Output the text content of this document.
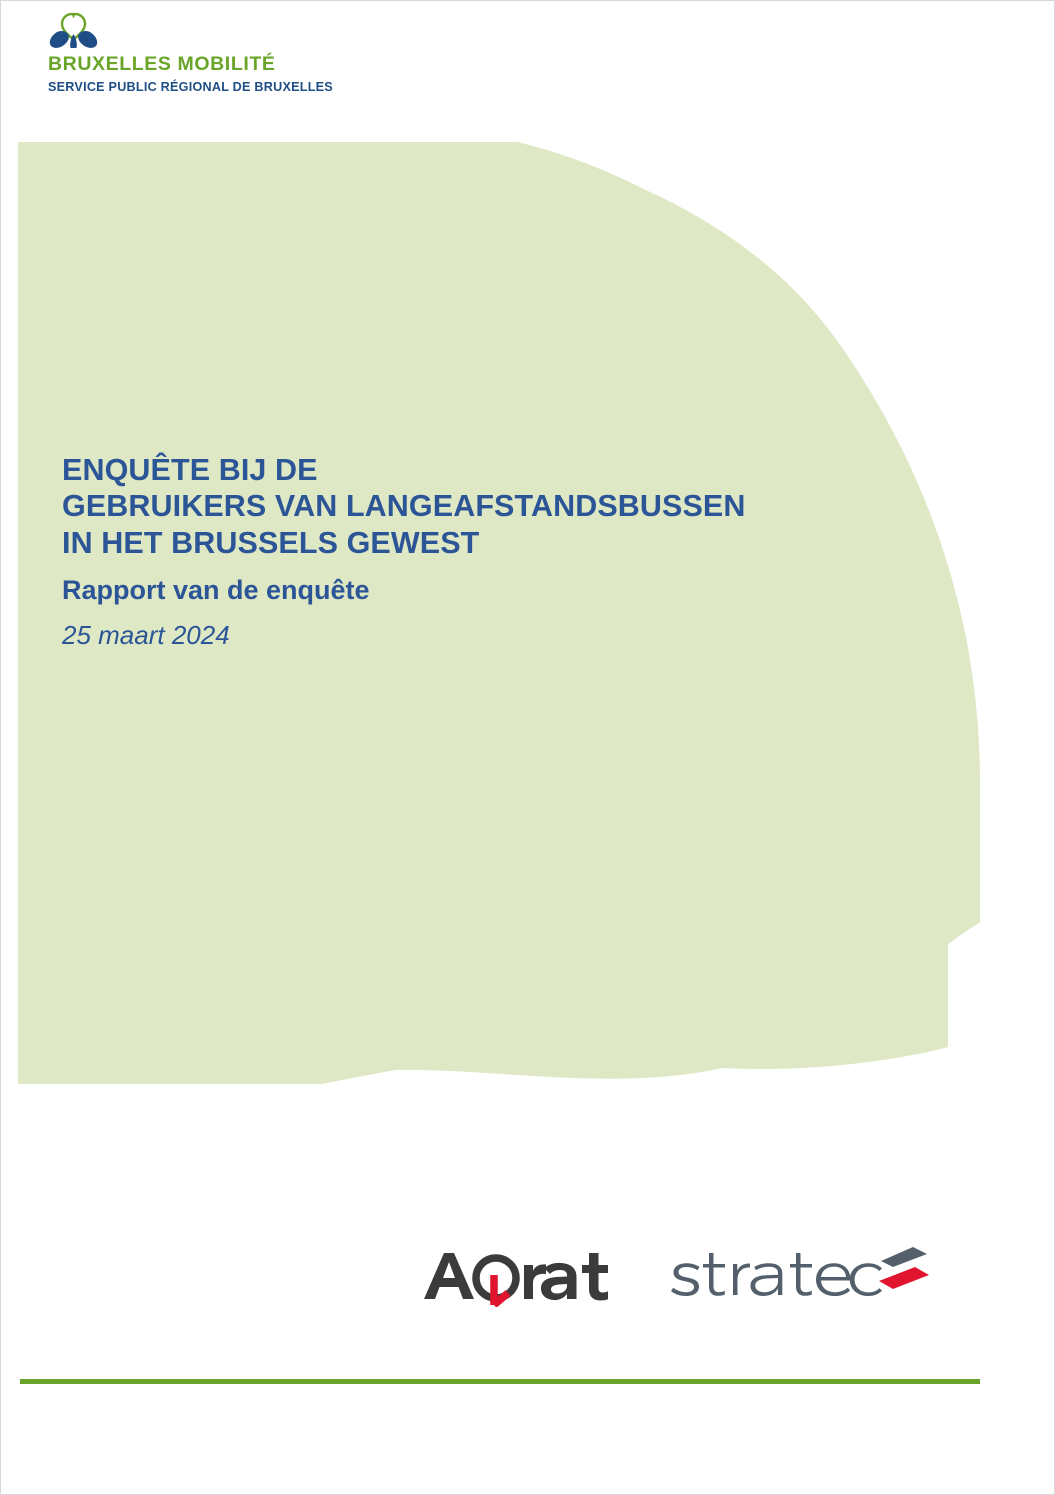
BRUXELLES MOBILITÉ
SERVICE PUBLIC RÉGIONAL DE BRUXELLES
ENQUÊTE BIJ DE
GEBRUIKERS VAN LANGEAFSTANDSBUSSEN
IN HET BRUSSELS GEWEST
Rapport van de enquête
25 maart 2024
